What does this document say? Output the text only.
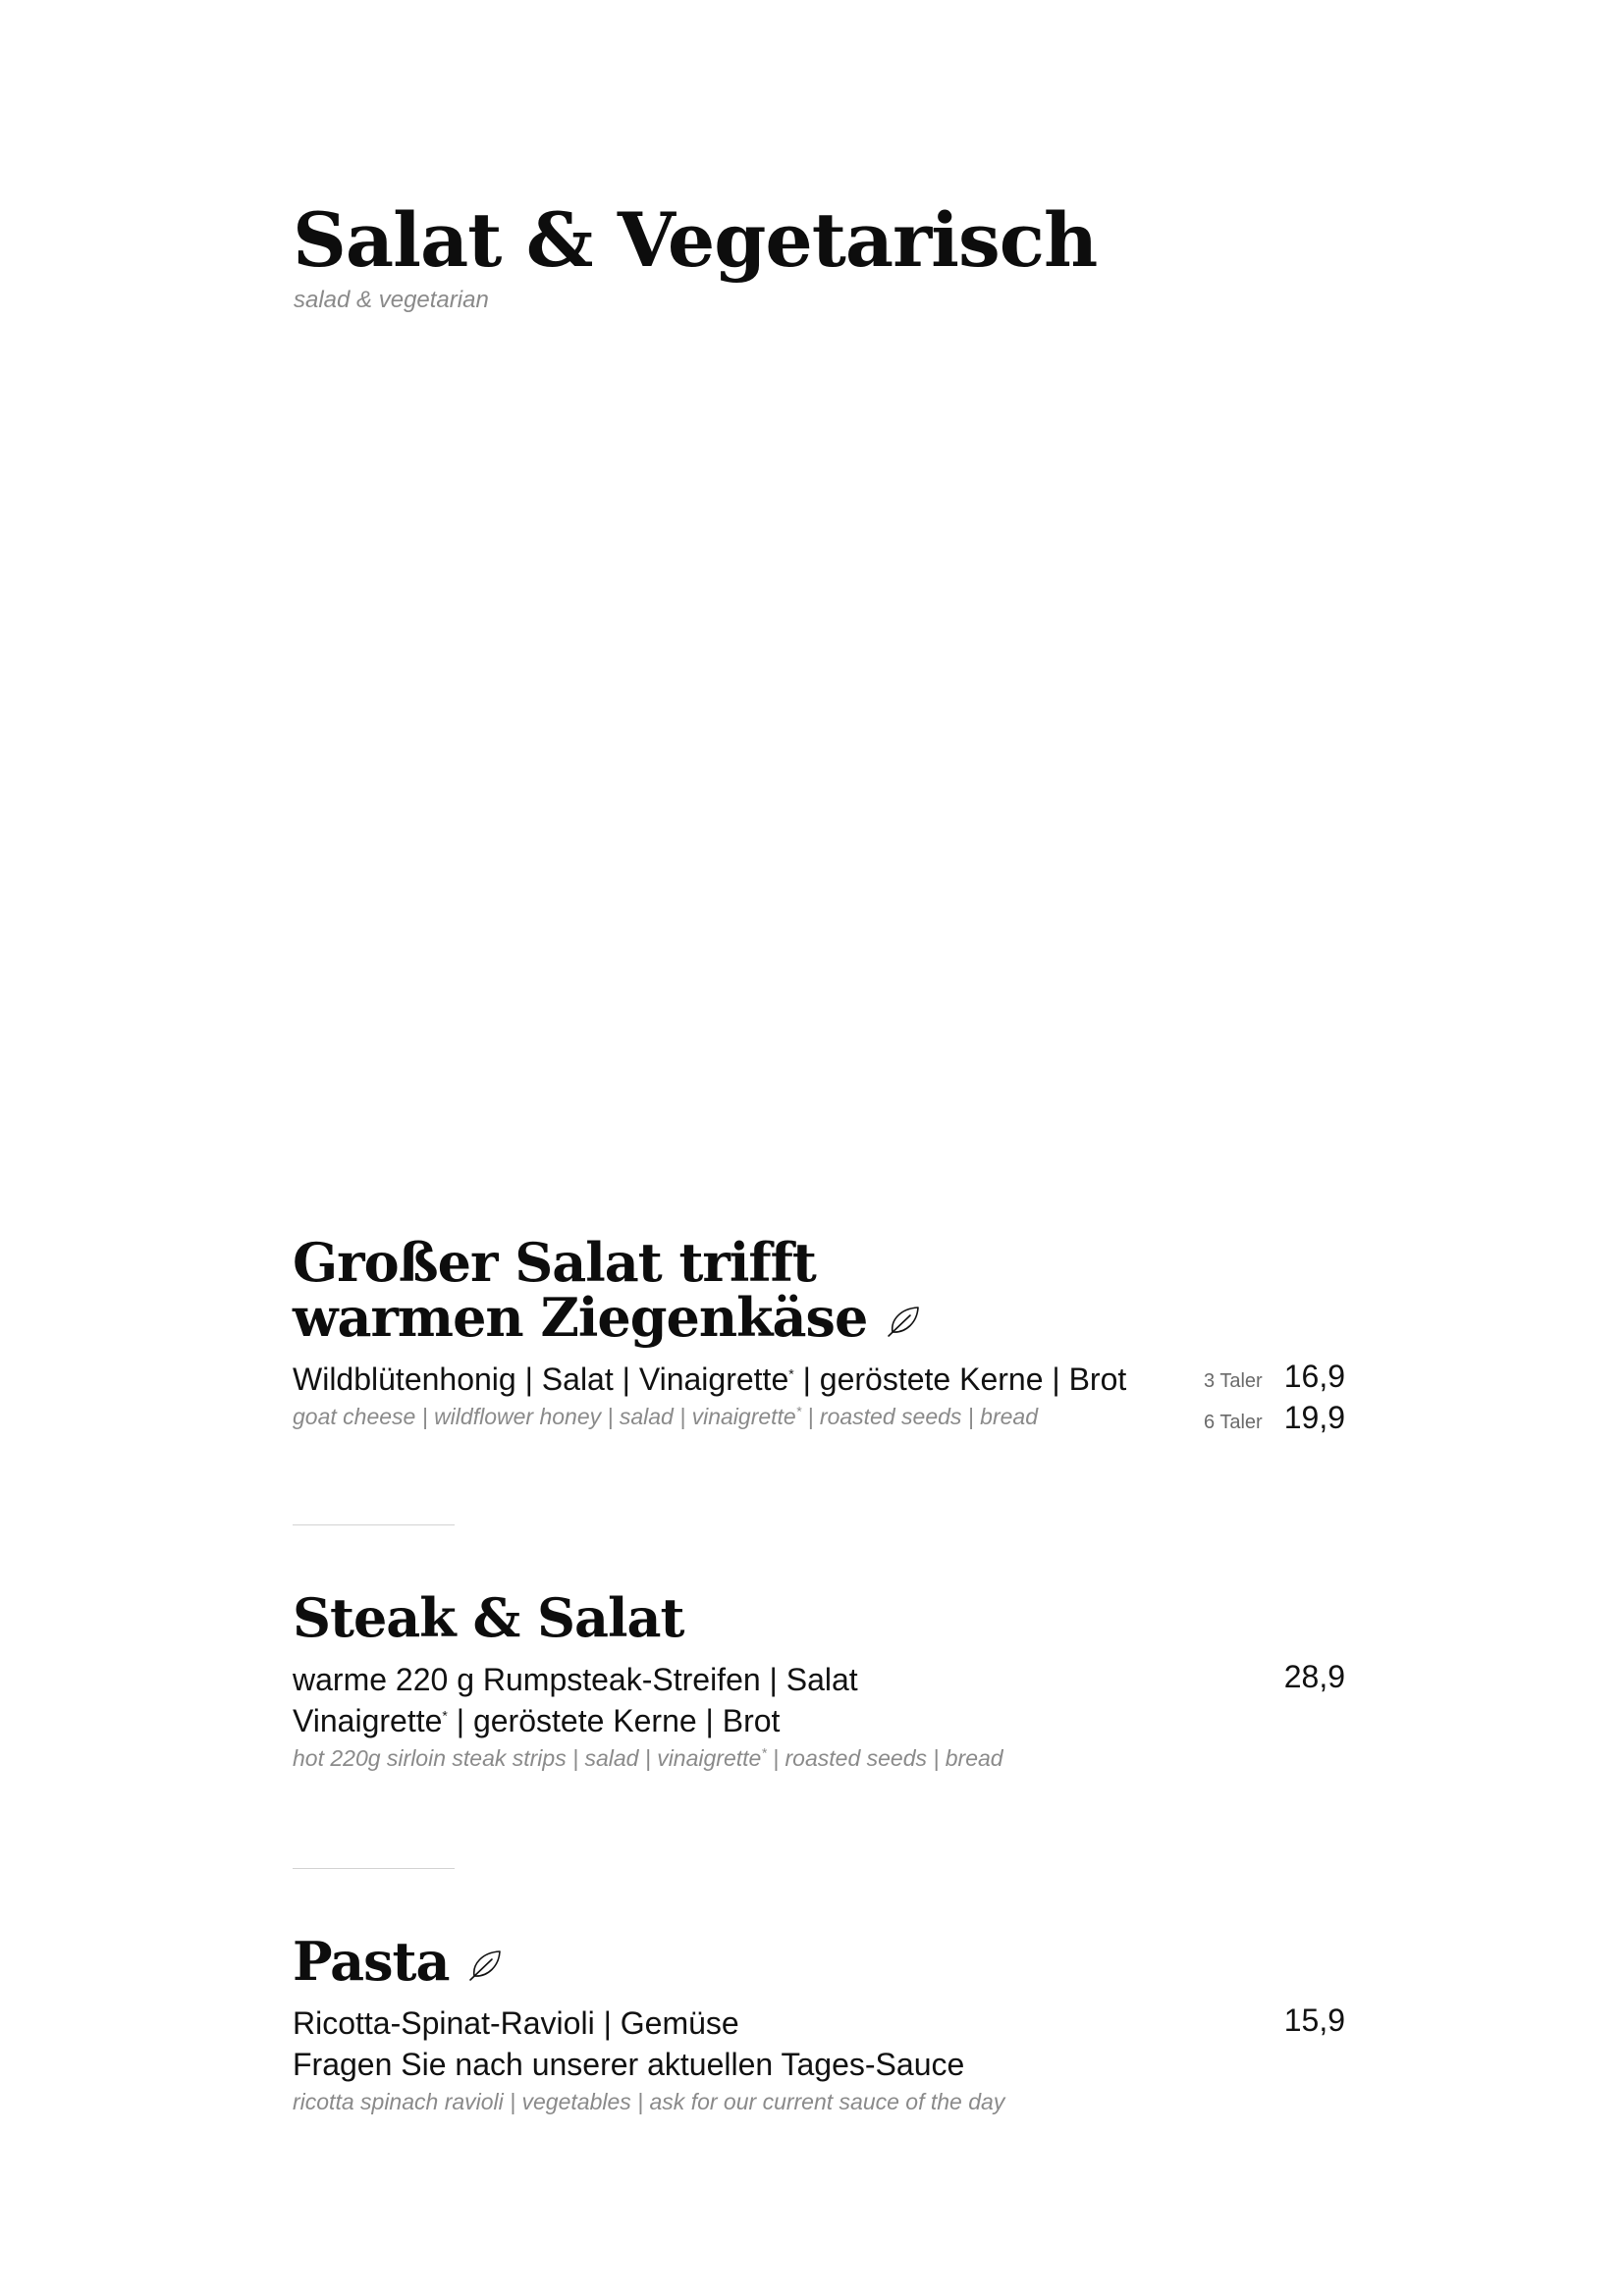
Salat & Vegetarisch
salad & vegetarian
Großer Salat trifft
warmen Ziegenkäse
Wildblütenhonig | Salat | Vinaigrette* | geröstete Kerne | Brot
goat cheese | wildflower honey | salad | vinaigrette* | roasted seeds | bread
3 Taler 16,9
6 Taler 19,9
Steak & Salat
warme 220 g Rumpsteak-Streifen | Salat
Vinaigrette* | geröstete Kerne | Brot
hot 220g sirloin steak strips | salad | vinaigrette* | roasted seeds | bread
28,9
Pasta
Ricotta-Spinat-Ravioli | Gemüse
Fragen Sie nach unserer aktuellen Tages-Sauce
ricotta spinach ravioli | vegetables | ask for our current sauce of the day
15,9
